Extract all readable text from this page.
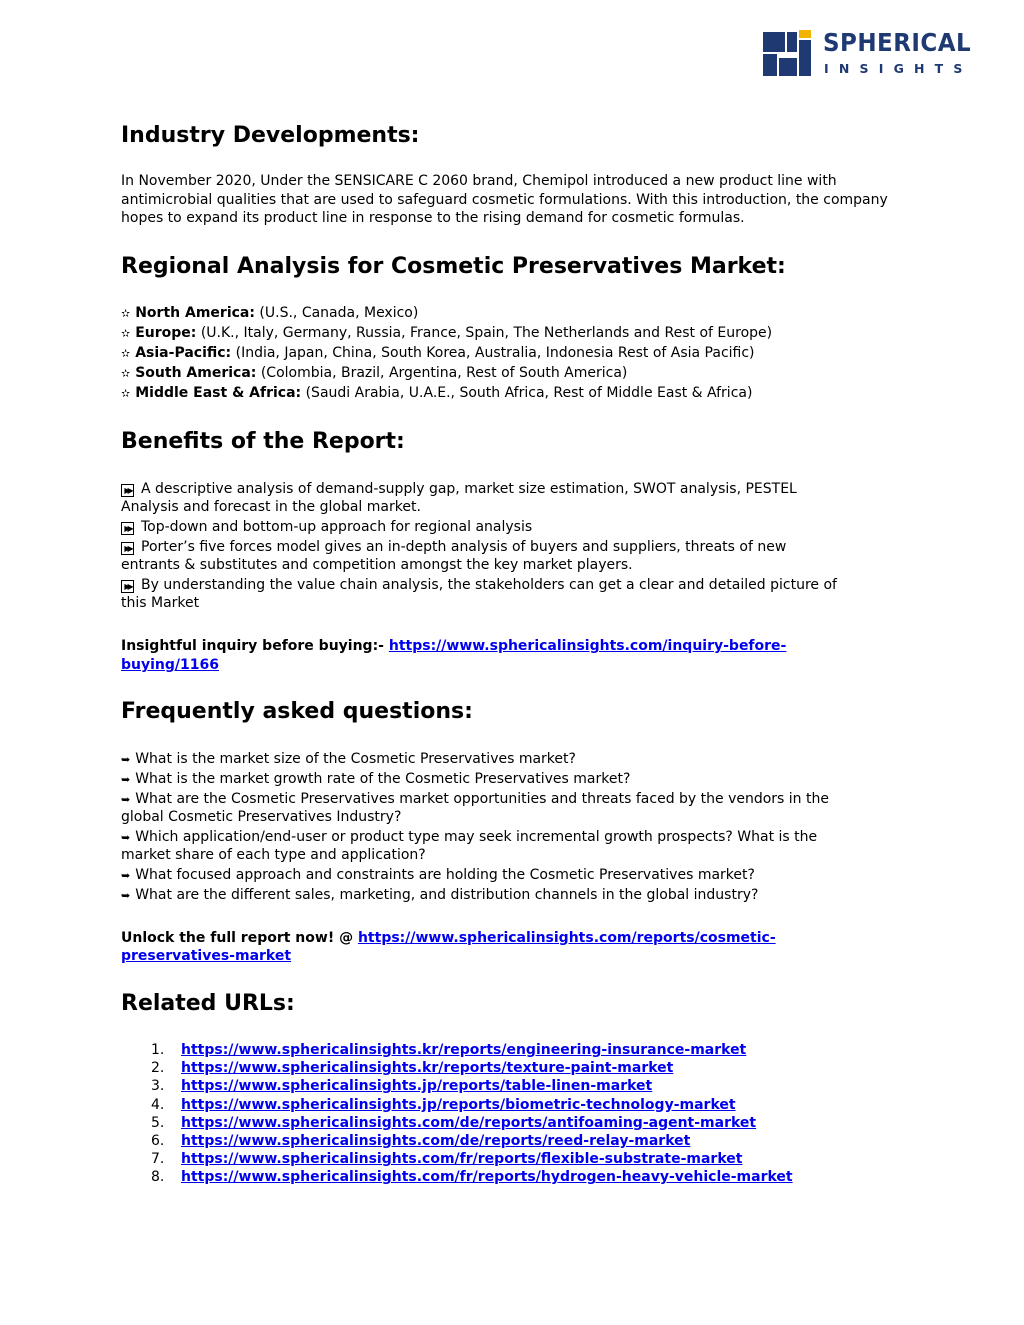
SPHERICAL
INSIGHTS
Industry Developments:

In November 2020, Under the SENSICARE C 2060 brand, Chemipol introduced a new product line with antimicrobial qualities that are used to safeguard cosmetic formulations. With this introduction, the company hopes to expand its product line in response to the rising demand for cosmetic formulas.

Regional Analysis for Cosmetic Preservatives Market:
✫ North America: (U.S., Canada, Mexico)
✫ Europe: (U.K., Italy, Germany, Russia, France, Spain, The Netherlands and Rest of Europe)
✫ Asia-Pacific: (India, Japan, China, South Korea, Australia, Indonesia Rest of Asia Pacific)
✫ South America: (Colombia, Brazil, Argentina, Rest of South America)
✫ Middle East & Africa: (Saudi Arabia, U.A.E., South Africa, Rest of Middle East & Africa)
Benefits of the Report:
▶▶ A descriptive analysis of demand-supply gap, market size estimation, SWOT analysis, PESTEL
Analysis and forecast in the global market.
▶▶ Top-down and bottom-up approach for regional analysis
▶▶ Porter’s five forces model gives an in-depth analysis of buyers and suppliers, threats of new
entrants & substitutes and competition amongst the key market players.
▶▶ By understanding the value chain analysis, the stakeholders can get a clear and detailed picture of
this Market
Insightful inquiry before buying:- https://www.sphericalinsights.com/inquiry-before-
buying/1166
Frequently asked questions:
➥ What is the market size of the Cosmetic Preservatives market?
➥ What is the market growth rate of the Cosmetic Preservatives market?
➥ What are the Cosmetic Preservatives market opportunities and threats faced by the vendors in the
global Cosmetic Preservatives Industry?
➥ Which application/end-user or product type may seek incremental growth prospects? What is the
market share of each type and application?
➥ What focused approach and constraints are holding the Cosmetic Preservatives market?
➥ What are the different sales, marketing, and distribution channels in the global industry?
Unlock the full report now! @ https://www.sphericalinsights.com/reports/cosmetic-
preservatives-market
Related URLs:
1. https://www.sphericalinsights.kr/reports/engineering-insurance-market
2. https://www.sphericalinsights.kr/reports/texture-paint-market
3. https://www.sphericalinsights.jp/reports/table-linen-market
4. https://www.sphericalinsights.jp/reports/biometric-technology-market
5. https://www.sphericalinsights.com/de/reports/antifoaming-agent-market
6. https://www.sphericalinsights.com/de/reports/reed-relay-market
7. https://www.sphericalinsights.com/fr/reports/flexible-substrate-market
8. https://www.sphericalinsights.com/fr/reports/hydrogen-heavy-vehicle-market
